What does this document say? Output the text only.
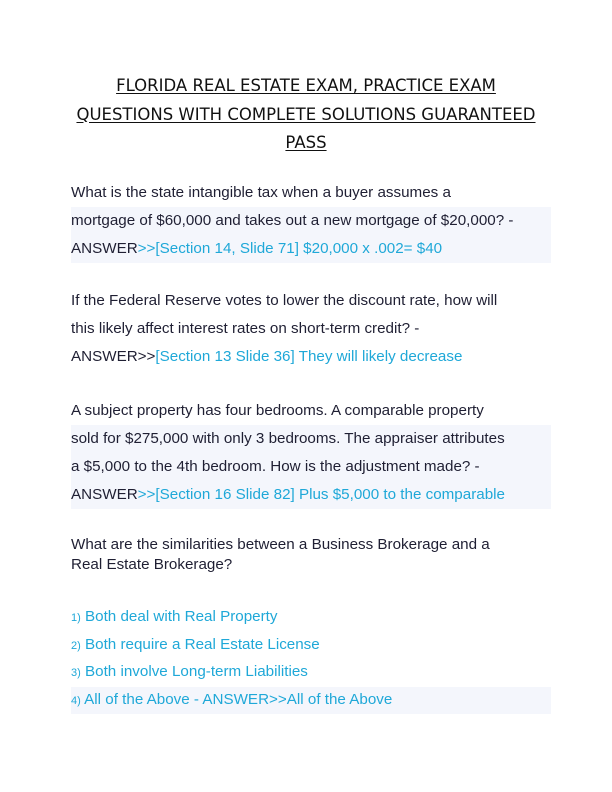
FLORIDA REAL ESTATE EXAM, PRACTICE EXAM
QUESTIONS WITH COMPLETE SOLUTIONS GUARANTEED
PASS
What is the state intangible tax when a buyer assumes a
mortgage of $60,000 and takes out a new mortgage of $20,000? -
ANSWER>>[Section 14, Slide 71] $20,000 x .002= $40
If the Federal Reserve votes to lower the discount rate, how will
this likely affect interest rates on short-term credit? -
ANSWER>>[Section 13 Slide 36] They will likely decrease
A subject property has four bedrooms. A comparable property
sold for $275,000 with only 3 bedrooms. The appraiser attributes
a $5,000 to the 4th bedroom. How is the adjustment made? -
ANSWER>>[Section 16 Slide 82] Plus $5,000 to the comparable
What are the similarities between a Business Brokerage and a
Real Estate Brokerage?
1) Both deal with Real Property
2) Both require a Real Estate License
3) Both involve Long-term Liabilities
4) All of the Above - ANSWER>>All of the Above
